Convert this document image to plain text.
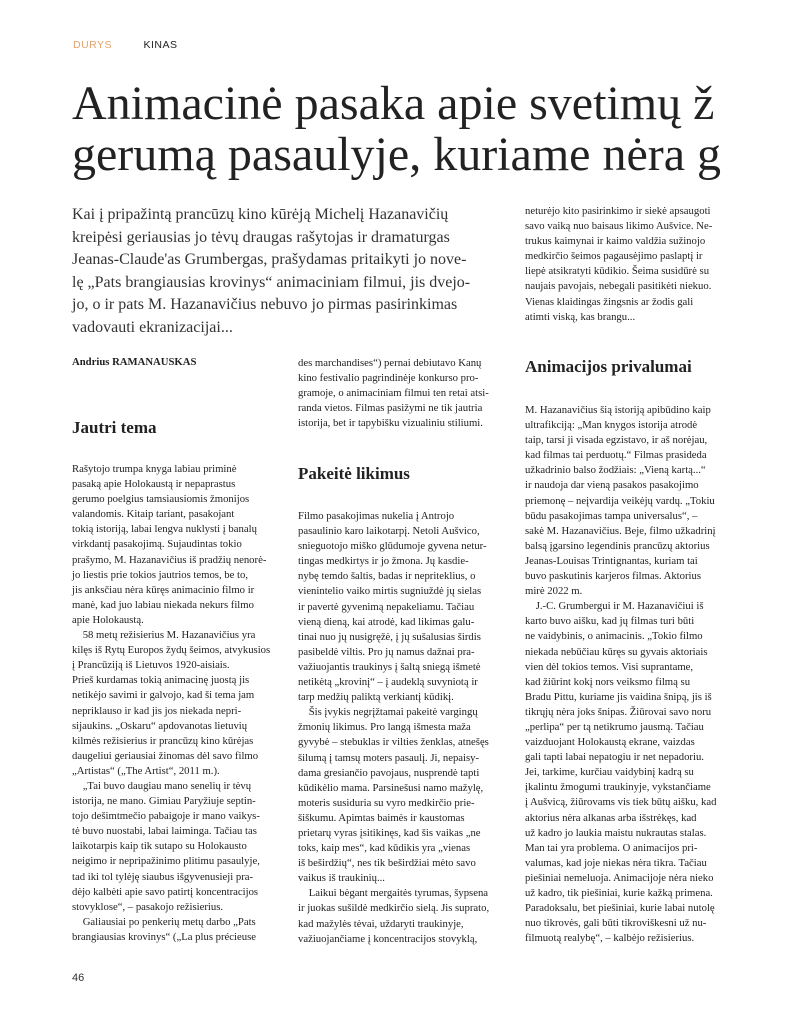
DURYS	KINAS
Animacinė pasaka apie svetimų ž
gerumą pasaulyje, kuriame nėra g

Kai į pripažintą prancūzų kino kūrėją Michelį Hazanavičių
kreipėsi geriausias jo tėvų draugas rašytojas ir dramaturgas
Jeanas-Claude'as Grumbergas, prašydamas pritaikyti jo nove-
lę „Pats brangiausias krovinys“ animaciniam filmui, jis dvejo-
jo, o ir pats M. Hazanavičius nebuvo jo pirmas pasirinkimas
vadovauti ekranizacijai...

Andrius RAMANAUSKAS

Jautri tema
Pakeitė likimus
Animacijos privalumai
Rašytojo trumpa knyga labiau priminė
pasaką apie Holokaustą ir nepaprastus
gerumo poelgius tamsiausiomis žmonijos
valandomis. Kitaip tariant, pasakojant
tokią istoriją, labai lengva nuklysti į banalų
virkdantį pasakojimą. Sujaudintas tokio
prašymo, M. Hazanavičius iš pradžių nenorė-
jo liestis prie tokios jautrios temos, be to,
jis anksčiau nėra kūręs animacinio filmo ir
manė, kad juo labiau niekada nekurs filmo
apie Holokaustą.
58 metų režisierius M. Hazanavičius yra
kilęs iš Rytų Europos žydų šeimos, atvykusios
į Prancūziją iš Lietuvos 1920-aisiais.
Prieš kurdamas tokią animacinę juostą jis
netikėjo savimi ir galvojo, kad ši tema jam
nepriklauso ir kad jis jos niekada nepri-
sijaukins. „Oskaru“ apdovanotas lietuvių
kilmės režisierius ir prancūzų kino kūrėjas
daugeliui geriausiai žinomas dėl savo filmo
„Artistas“ („The Artist“, 2011 m.).
„Tai buvo daugiau mano senelių ir tėvų
istorija, ne mano. Gimiau Paryžiuje septin-
tojo dešimtmečio pabaigoje ir mano vaikys-
tė buvo nuostabi, labai laiminga. Tačiau tas
laikotarpis kaip tik sutapo su Holokausto
neigimo ir nepripažinimo plitimu pasaulyje,
tad iki tol tylėję siaubus išgyvenusieji pra-
dėjo kalbėti apie savo patirtį koncentracijos
stovyklose“, – pasakojo režisierius.
Galiausiai po penkerių metų darbo „Pats
brangiausias krovinys“ („La plus précieuse
des marchandises“) pernai debiutavo Kanų
kino festivalio pagrindinėje konkurso pro-
gramoje, o animaciniam filmui ten retai atsi-
randa vietos. Filmas pasižymi ne tik jautria
istorija, bet ir tapybišku vizualiniu stiliumi.
Filmo pasakojimas nukelia į Antrojo
pasaulinio karo laikotarpį. Netoli Aušvico,
snieguotojo miško glūdumoje gyvena netur-
tingas medkirtys ir jo žmona. Jų kasdie-
nybę temdo šaltis, badas ir nepriteklius, o
vienintelio vaiko mirtis sugniuždė jų sielas
ir pavertė gyvenimą nepakeliamu. Tačiau
vieną dieną, kai atrodė, kad likimas galu-
tinai nuo jų nusigręžė, į jų sušalusias širdis
pasibeldė viltis. Pro jų namus dažnai pra-
važiuojantis traukinys į šaltą sniegą išmetė
netikėtą „krovinį“ – į audeklą suvyniotą ir
tarp medžių paliktą verkiantį kūdikį.
Šis įvykis negrįžtamai pakeitė vargingų
žmonių likimus. Pro langą išmesta maža
gyvybė – stebuklas ir vilties ženklas, atnešęs
šilumą į tamsų moters pasaulį. Ji, nepaisy-
dama gresiančio pavojaus, nusprendė tapti
kūdikėlio mama. Parsinešusi namo mažylę,
moteris susiduria su vyro medkirčio prie-
šiškumu. Apimtas baimės ir kaustomas
prietarų vyras įsitikinęs, kad šis vaikas „ne
toks, kaip mes“, kad kūdikis yra „vienas
iš beširdžių“, nes tik beširdžiai mėto savo
vaikus iš traukinių...
Laikui bėgant mergaitės tyrumas, šypsena
ir juokas sušildė medkirčio sielą. Jis suprato,
kad mažylės tėvai, uždaryti traukinyje,
važiuojančiame į koncentracijos stovyklą,
neturėjo kito pasirinkimo ir siekė apsaugoti
savo vaiką nuo baisaus likimo Aušvice. Ne-
trukus kaimynai ir kaimo valdžia sužinojo
medkirčio šeimos pagausėjimo paslaptį ir
liepė atsikratyti kūdikio. Šeima susidūrė su
naujais pavojais, nebegali pasitikėti niekuo.
Vienas klaidingas žingsnis ar žodis gali
atimti viską, kas brangu...
M. Hazanavičius šią istoriją apibūdino kaip
ultrafikciją: „Man knygos istorija atrodė
taip, tarsi ji visada egzistavo, ir aš norėjau,
kad filmas tai perduotų.“ Filmas prasideda
užkadrinio balso žodžiais: „Vieną kartą...“
ir naudoja dar vieną pasakos pasakojimo
priemonę – neįvardija veikėjų vardų. „Tokiu
būdu pasakojimas tampa universalus“, –
sakė M. Hazanavičius. Beje, filmo užkadrinį
balsą įgarsino legendinis prancūzų aktorius
Jeanas-Louisas Trintignantas, kuriam tai
buvo paskutinis karjeros filmas. Aktorius
mirė 2022 m.
J.-C. Grumbergui ir M. Hazanavičiui iš
karto buvo aišku, kad jų filmas turi būti
ne vaidybinis, o animacinis. „Tokio filmo
niekada nebūčiau kūręs su gyvais aktoriais
vien dėl tokios temos. Visi suprantame,
kad žiūrint kokį nors veiksmo filmą su
Bradu Pittu, kuriame jis vaidina šnipą, jis iš
tikrųjų nėra joks šnipas. Žiūrovai savo noru
„perlipa“ per tą netikrumo jausmą. Tačiau
vaizduojant Holokaustą ekrane, vaizdas
gali tapti labai nepatogiu ir net nepadoriu.
Jei, tarkime, kurčiau vaidybinį kadrą su
įkalintu žmogumi traukinyje, vykstančiame
į Aušvicą, žiūrovams vis tiek būtų aišku, kad
aktorius nėra alkanas arba išstrėkęs, kad
už kadro jo laukia maistu nukrautas stalas.
Man tai yra problema. O animacijos pri-
valumas, kad joje niekas nėra tikra. Tačiau
piešiniai nemeluoja. Animacijoje nėra nieko
už kadro, tik piešiniai, kurie kažką primena.
Paradoksalu, bet piešiniai, kurie labai nutolę
nuo tikrovės, gali būti tikroviškesni už nu-
filmuotą realybę“, – kalbėjo režisierius.

46
